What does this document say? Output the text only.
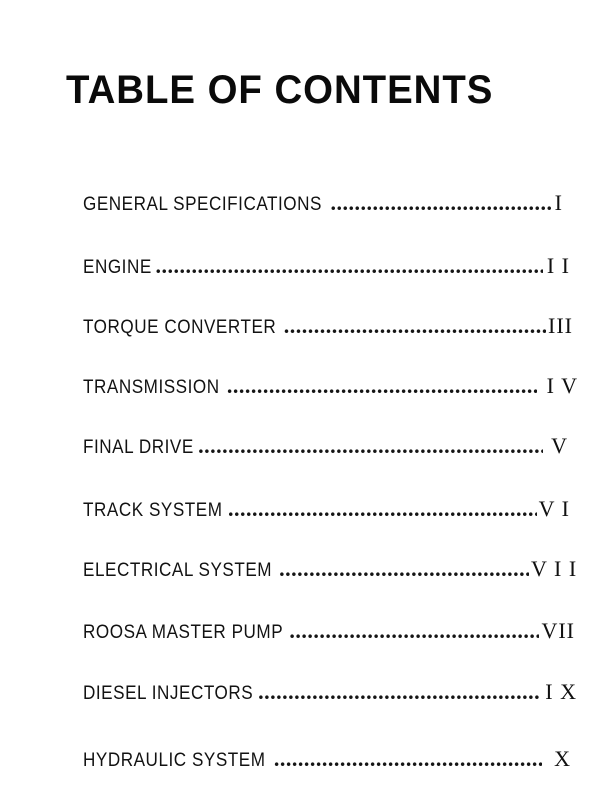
TABLE OF CONTENTS
GENERAL SPECIFICATIONS .....	I
ENGINE .....	I I
TORQUE CONVERTER .....	III
TRANSMISSION .....	I V
FINAL DRIVE .....	V
TRACK SYSTEM .....	V I
ELECTRICAL SYSTEM .....	V I I
ROOSA MASTER PUMP .....	VII
DIESEL INJECTORS .....	I X
HYDRAULIC SYSTEM .....	X
